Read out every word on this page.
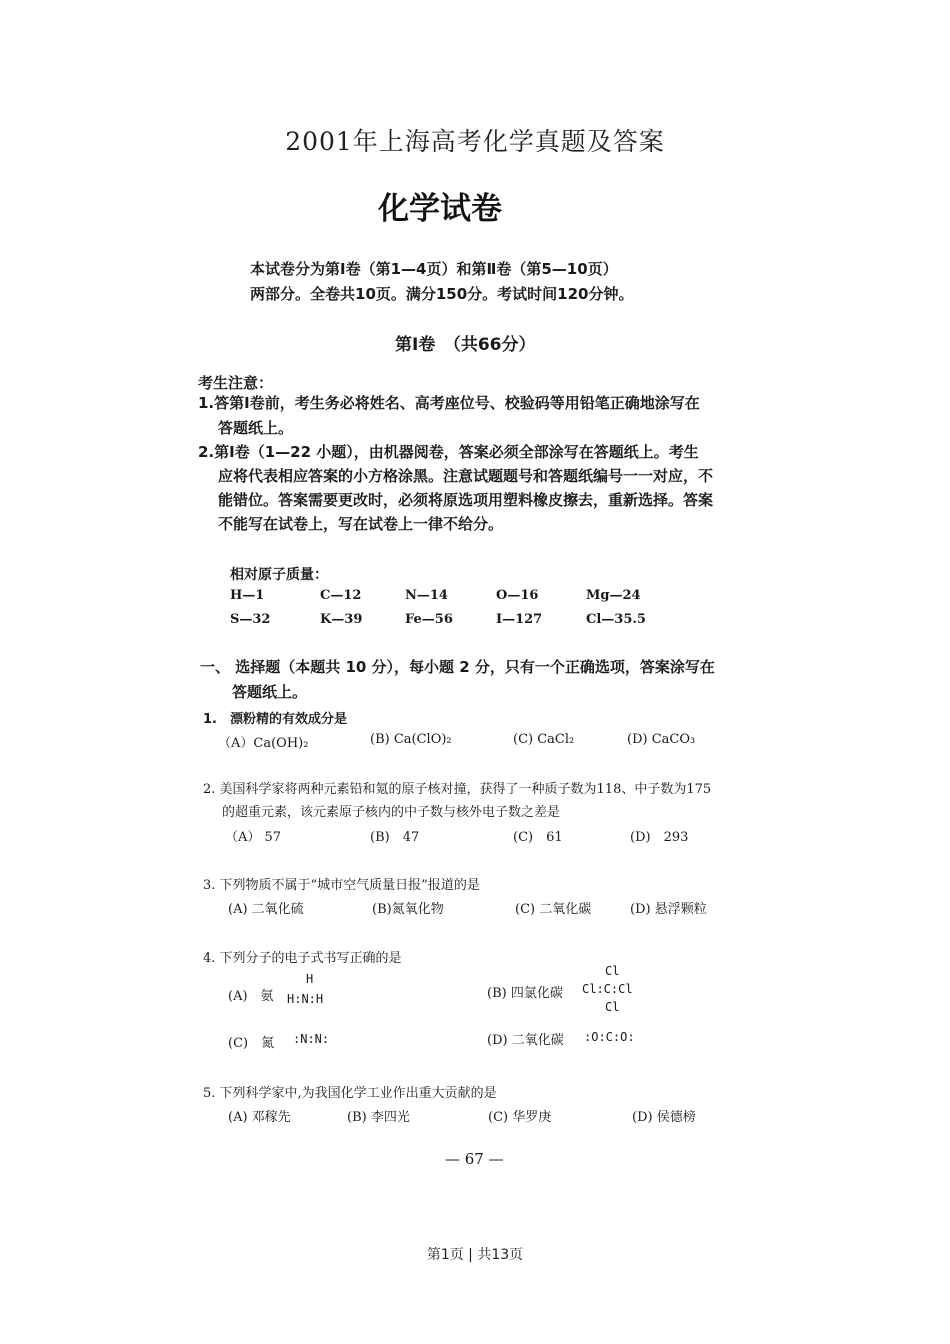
2001年上海高考化学真题及答案
化学试卷
本试卷分为第Ⅰ卷（第1—4页）和第Ⅱ卷（第5—10页）
两部分。全卷共10页。满分150分。考试时间120分钟。
第Ⅰ卷　（共66分）
考生注意：
1.答第Ⅰ卷前，考生务必将姓名、高考座位号、校验码等用铅笔正确地涂写在
答题纸上。
2.第Ⅰ卷（1—22 小题），由机器阅卷，答案必须全部涂写在答题纸上。考生
应将代表相应答案的小方格涂黑。注意试题题号和答题纸编号一一对应，不
能错位。答案需要更改时，必须将原选项用塑料橡皮擦去，重新选择。答案
不能写在试卷上，写在试卷上一律不给分。
相对原子质量：
H—1	C—12	N—14	O—16	Mg—24
S—32	K—39	Fe—56	I—127	Cl—35.5
一、 选择题（本题共 10 分），每小题 2 分，只有一个正确选项，答案涂写在
答题纸上。
1.　漂粉精的有效成分是
（A）Ca(OH)₂	(B) Ca(ClO)₂	(C) CaCl₂	(D) CaCO₃
2. 美国科学家将两种元素铅和氪的原子核对撞，获得了一种质子数为118、中子数为175
的超重元素，该元素原子核内的中子数与核外电子数之差是
（A） 57	(B)　47	(C)　61	(D)　293
3. 下列物质不属于“城市空气质量日报”报道的是
(A) 二氧化硫	(B)氮氧化物	(C) 二氧化碳	(D) 悬浮颗粒
4. 下列分子的电子式书写正确的是
(A)　氨
H
H:N:H	(B) 四氯化碳
Cl
Cl:C:Cl
Cl
(C)　氮 :N:N:	(D) 二氧化碳 :O:C:O:
5. 下列科学家中,为我国化学工业作出重大贡献的是
(A) 邓稼先	(B) 李四光	(C) 华罗庚	(D) 侯德榜
— 67 —
第1页 | 共13页
